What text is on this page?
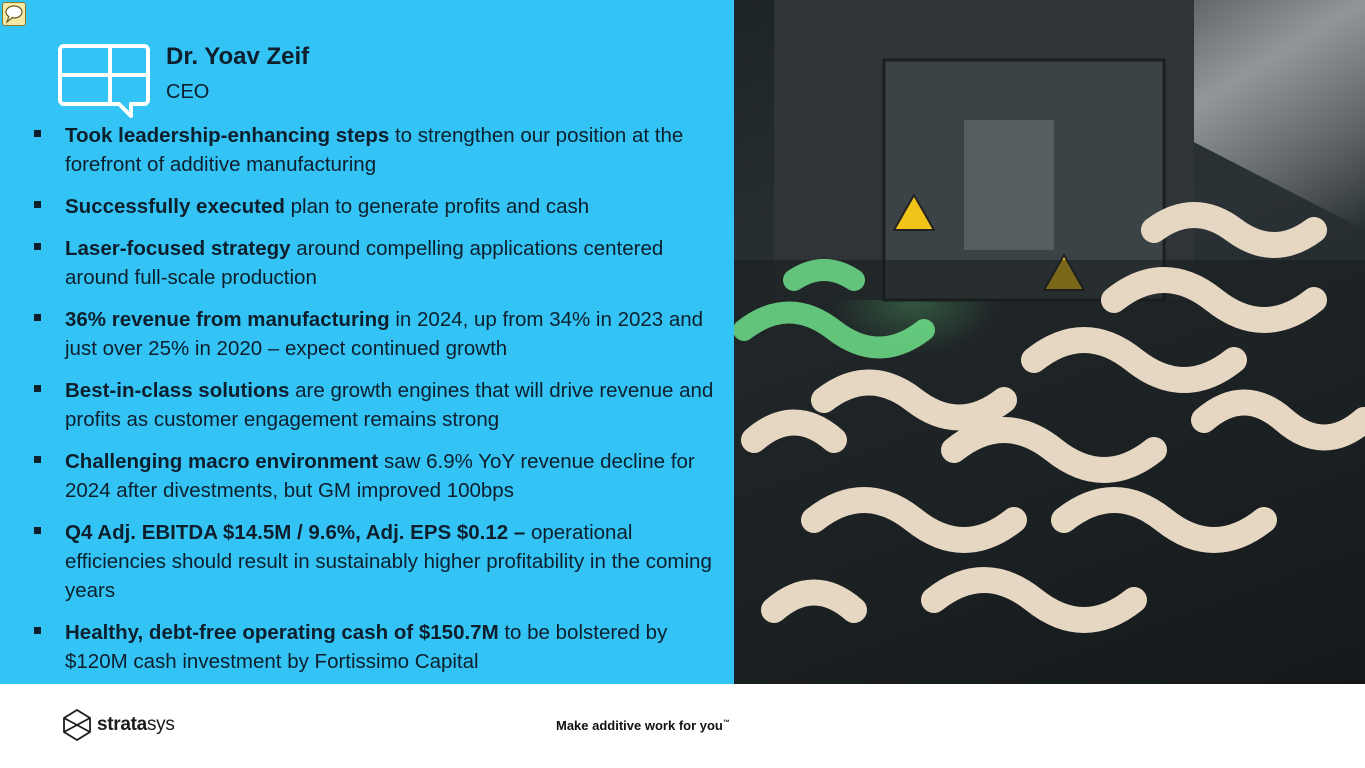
Dr. Yoav Zeif
CEO
Took leadership-enhancing steps to strengthen our position at the forefront of additive manufacturing
Successfully executed plan to generate profits and cash
Laser-focused strategy around compelling applications centered around full-scale production
36% revenue from manufacturing in 2024, up from 34% in 2023 and just over 25% in 2020 – expect continued growth
Best-in-class solutions are growth engines that will drive revenue and profits as customer engagement remains strong
Challenging macro environment saw 6.9% YoY revenue decline for 2024 after divestments, but GM improved 100bps
Q4 Adj. EBITDA $14.5M / 9.6%, Adj. EPS $0.12 – operational efficiencies should result in sustainably higher profitability in the coming years
Healthy, debt-free operating cash of $150.7M to be bolstered by $120M cash investment by Fortissimo Capital
stratasys	Make additive work for you™
